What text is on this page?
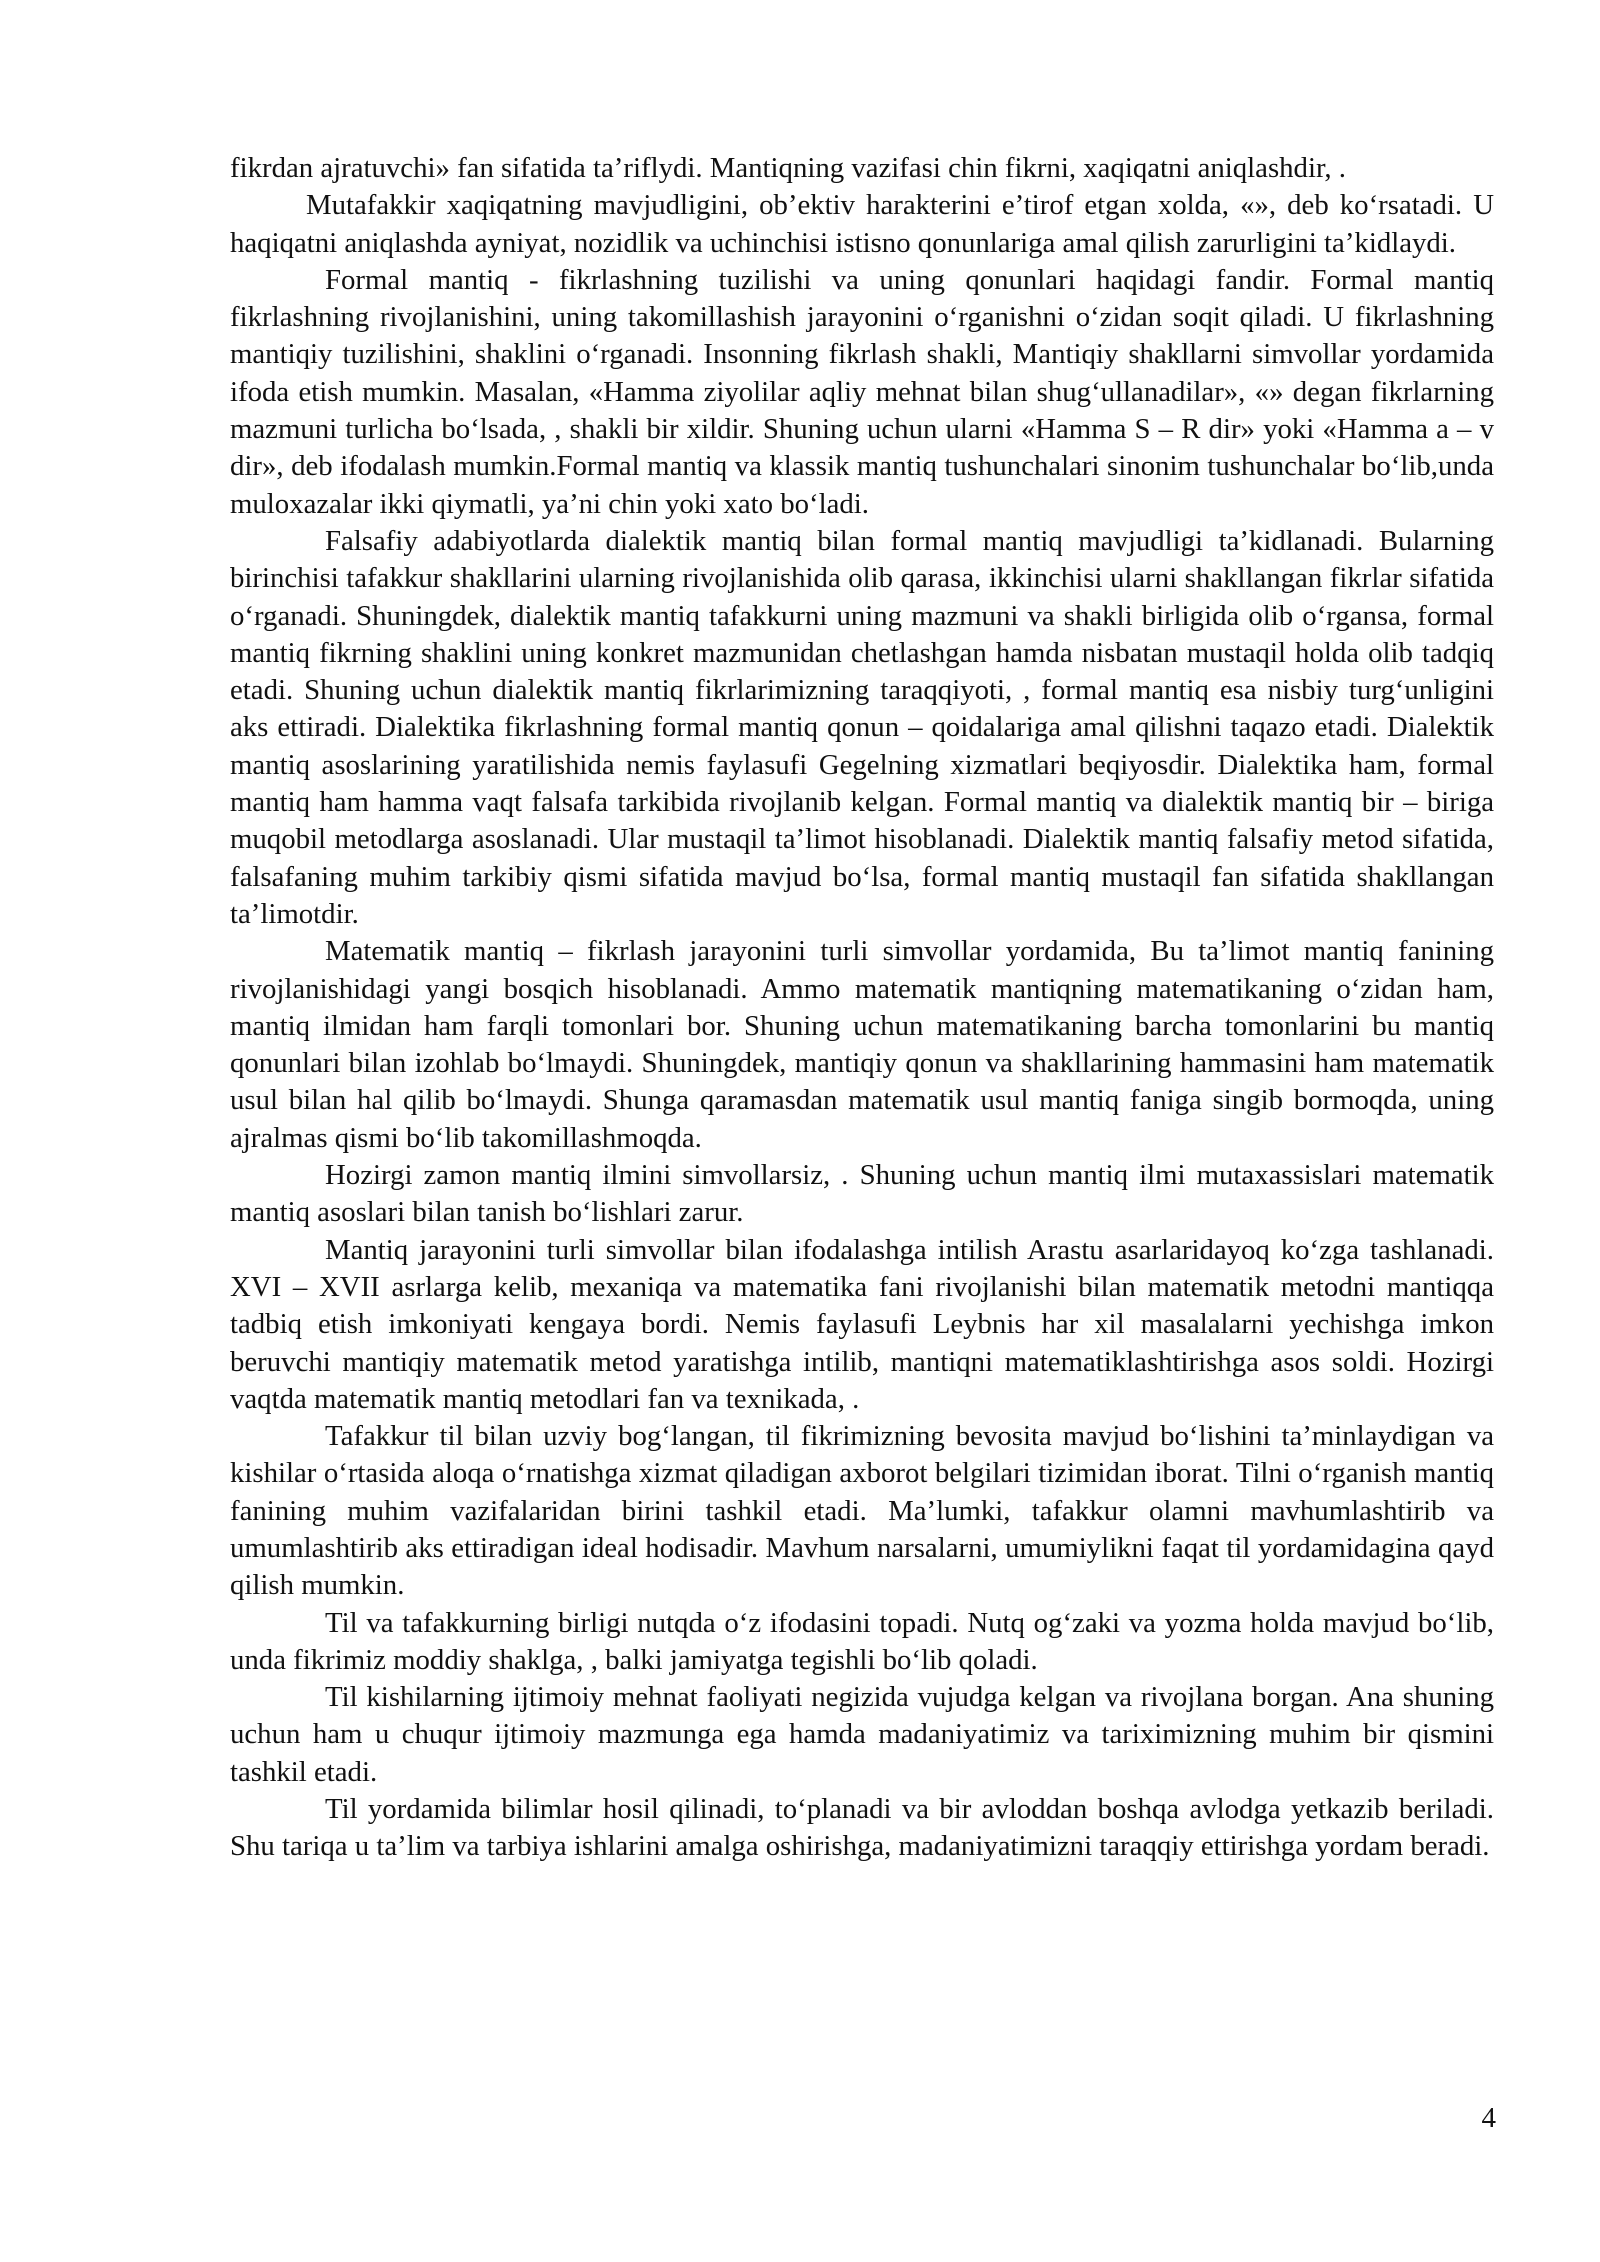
fikrdan ajratuvchi» fan sifatida ta’riflydi. Mantiqning vazifasi chin fikrni, xaqiqatni aniqlashdir, .

Mutafakkir xaqiqatning mavjudligini, ob’ektiv harakterini e’tirof etgan xolda, «», deb ko‘rsatadi. U haqiqatni aniqlashda ayniyat, nozidlik va uchinchisi istisno qonunlariga amal qilish zarurligini ta’kidlaydi.

Formal mantiq - fikrlashning tuzilishi va uning qonunlari haqidagi fandir. Formal mantiq fikrlashning rivojlanishini, uning takomillashish jarayonini o‘rganishni o‘zidan soqit qiladi. U fikrlashning mantiqiy tuzilishini, shaklini o‘rganadi. Insonning fikrlash shakli, Mantiqiy shakllarni simvollar yordamida ifoda etish mumkin. Masalan, «Hamma ziyolilar aqliy mehnat bilan shug‘ullanadilar», «» degan fikrlarning mazmuni turlicha bo‘lsada, , shakli bir xildir. Shuning uchun ularni «Hamma S – R dir» yoki «Hamma a – v dir», deb ifodalash mumkin.Formal mantiq va klassik mantiq tushunchalari sinonim tushunchalar bo‘lib,unda muloxazalar ikki qiymatli, ya’ni chin yoki xato bo‘ladi.

Falsafiy adabiyotlarda dialektik mantiq bilan formal mantiq mavjudligi ta’kidlanadi. Bularning birinchisi tafakkur shakllarini ularning rivojlanishida olib qarasa, ikkinchisi ularni shakllangan fikrlar sifatida o‘rganadi. Shuningdek, dialektik mantiq tafakkurni uning mazmuni va shakli birligida olib o‘rgansa, formal mantiq fikrning shaklini uning konkret mazmunidan chetlashgan hamda nisbatan mustaqil holda olib tadqiq etadi. Shuning uchun dialektik mantiq fikrlarimizning taraqqiyoti, , formal mantiq esa nisbiy turg‘unligini aks ettiradi. Dialektika fikrlashning formal mantiq qonun – qoidalariga amal qilishni taqazo etadi. Dialektik mantiq asoslarining yaratilishida nemis faylasufi Gegelning xizmatlari beqiyosdir. Dialektika ham, formal mantiq ham hamma vaqt falsafa tarkibida rivojlanib kelgan. Formal mantiq va dialektik mantiq bir – biriga muqobil metodlarga asoslanadi. Ular mustaqil ta’limot hisoblanadi. Dialektik mantiq falsafiy metod sifatida, falsafaning muhim tarkibiy qismi sifatida mavjud bo‘lsa, formal mantiq mustaqil fan sifatida shakllangan ta’limotdir.

Matematik mantiq – fikrlash jarayonini turli simvollar yordamida, Bu ta’limot mantiq fanining rivojlanishidagi yangi bosqich hisoblanadi. Ammo matematik mantiqning matematikaning o‘zidan ham, mantiq ilmidan ham farqli tomonlari bor. Shuning uchun matematikaning barcha tomonlarini bu mantiq qonunlari bilan izohlab bo‘lmaydi. Shuningdek, mantiqiy qonun va shakllarining hammasini ham matematik usul bilan hal qilib bo‘lmaydi. Shunga qaramasdan matematik usul mantiq faniga singib bormoqda, uning ajralmas qismi bo‘lib takomillashmoqda.

Hozirgi zamon mantiq ilmini simvollarsiz, . Shuning uchun mantiq ilmi mutaxassislari matematik mantiq asoslari bilan tanish bo‘lishlari zarur.

Mantiq jarayonini turli simvollar bilan ifodalashga intilish Arastu asarlaridayoq ko‘zga tashlanadi. XVI – XVII asrlarga kelib, mexaniqa va matematika fani rivojlanishi bilan matematik metodni mantiqqa tadbiq etish imkoniyati kengaya bordi. Nemis faylasufi Leybnis har xil masalalarni yechishga imkon beruvchi mantiqiy matematik metod yaratishga intilib, mantiqni matematiklashtirishga asos soldi. Hozirgi vaqtda matematik mantiq metodlari fan va texnikada, .

Tafakkur til bilan uzviy bog‘langan, til fikrimizning bevosita mavjud bo‘lishini ta’minlaydigan va kishilar o‘rtasida aloqa o‘rnatishga xizmat qiladigan axborot belgilari tizimidan iborat. Tilni o‘rganish mantiq fanining muhim vazifalaridan birini tashkil etadi. Ma’lumki, tafakkur olamni mavhumlashtirib va umumlashtirib aks ettiradigan ideal hodisadir. Mavhum narsalarni, umumiylikni faqat til yordamidagina qayd qilish mumkin.

Til va tafakkurning birligi nutqda o‘z ifodasini topadi. Nutq og‘zaki va yozma holda mavjud bo‘lib, unda fikrimiz moddiy shaklga, , balki jamiyatga tegishli bo‘lib qoladi.

Til kishilarning ijtimoiy mehnat faoliyati negizida vujudga kelgan va rivojlana borgan. Ana shuning uchun ham u chuqur ijtimoiy mazmunga ega hamda madaniyatimiz va tariximizning muhim bir qismini tashkil etadi.

Til yordamida bilimlar hosil qilinadi, to‘planadi va bir avloddan boshqa avlodga yetkazib beriladi. Shu tariqa u ta’lim va tarbiya ishlarini amalga oshirishga, madaniyatimizni taraqqiy ettirishga yordam beradi.

4
